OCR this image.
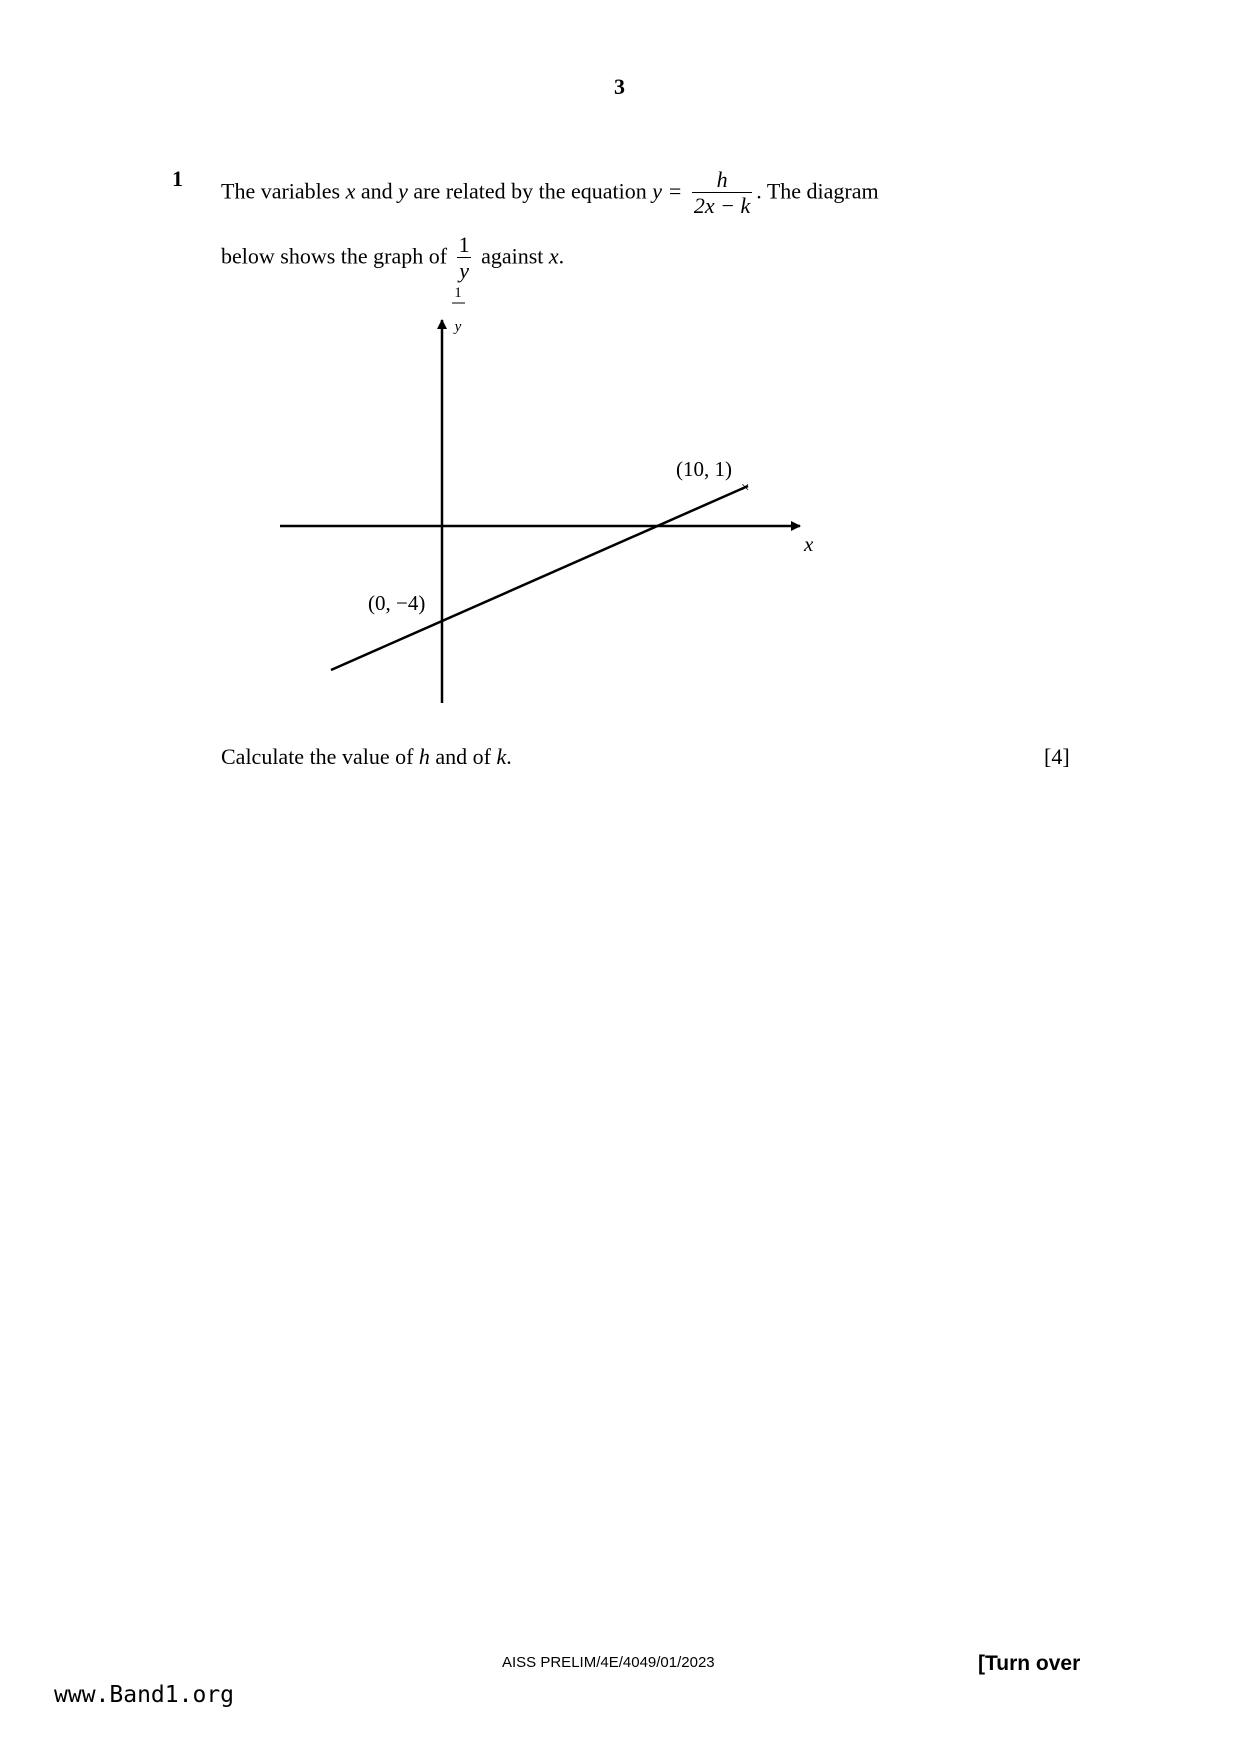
3
1
The variables x and y are related by the equation $y = \frac{h}{2x - k}$ . The diagram
below shows the graph of $\frac{1}{y}$ against x.
1
y
x
(10, 1)
×
(0, −4)
Calculate the value of h and of k.	[4]
AISS PRELIM/4E/4049/01/2023	[Turn over
www.Band1.org
